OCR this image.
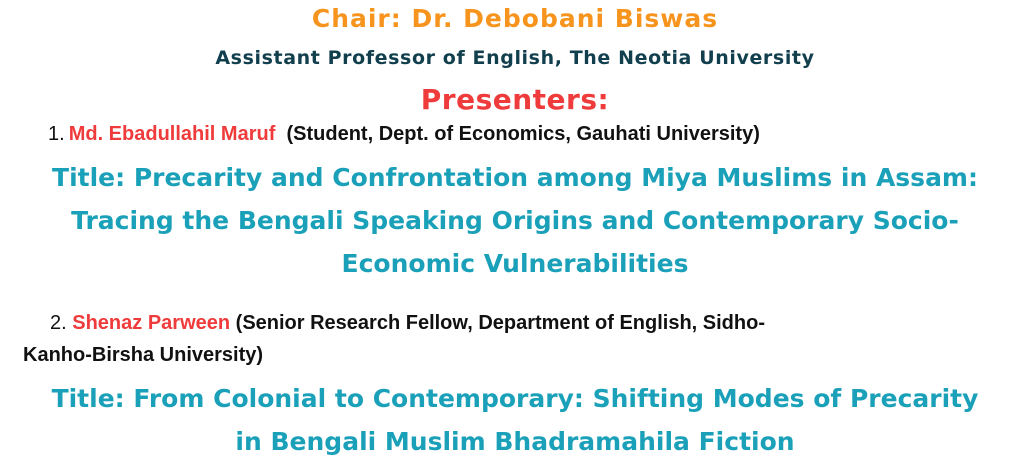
Chair: Dr. Debobani Biswas
Assistant Professor of English, The Neotia University
Presenters:
1. Md. Ebadullahil Maruf (Student, Dept. of Economics, Gauhati University)
Title: Precarity and Confrontation among Miya Muslims in Assam:
Tracing the Bengali Speaking Origins and Contemporary Socio-
Economic Vulnerabilities
2. Shenaz Parween (Senior Research Fellow, Department of English, Sidho-
Kanho-Birsha University)
Title: From Colonial to Contemporary: Shifting Modes of Precarity
in Bengali Muslim Bhadramahila Fiction
